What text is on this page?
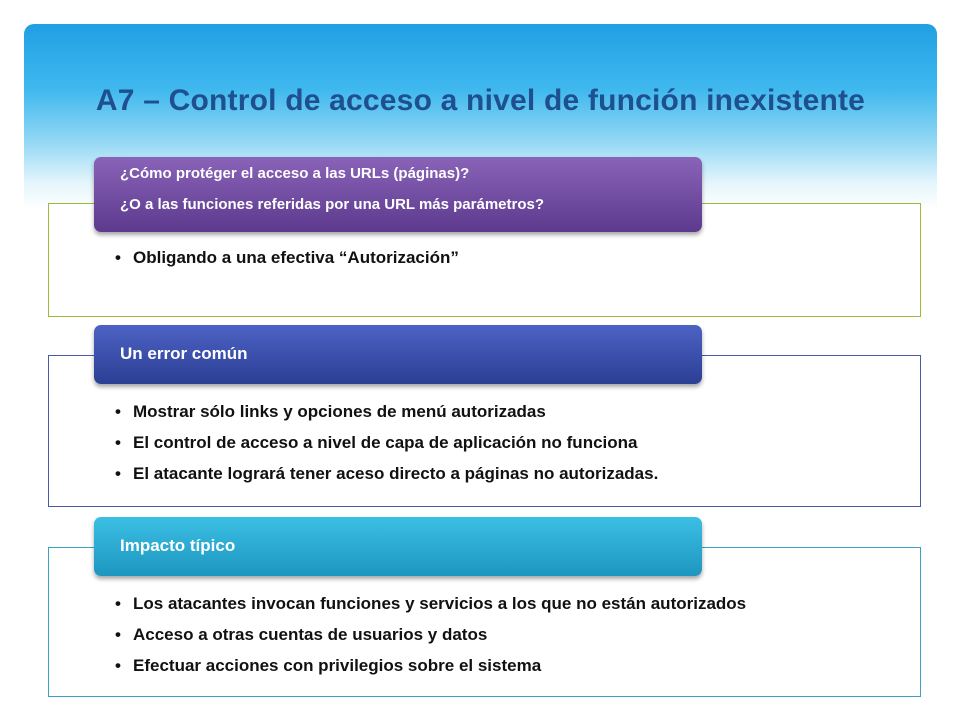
A7 – Control de acceso a nivel de función inexistente
¿Cómo protéger el acceso a las URLs (páginas)?
¿O a las funciones referidas por una URL más parámetros?
• Obligando a una efectiva “Autorización”
Un error común
• Mostrar sólo links y opciones de menú autorizadas
• El control de acceso a nivel de capa de aplicación no funciona
• El atacante logrará tener aceso directo a páginas no autorizadas.
Impacto típico
• Los atacantes invocan funciones y servicios a los que no están autorizados
• Acceso a otras cuentas de usuarios y datos
• Efectuar acciones con privilegios sobre el sistema
